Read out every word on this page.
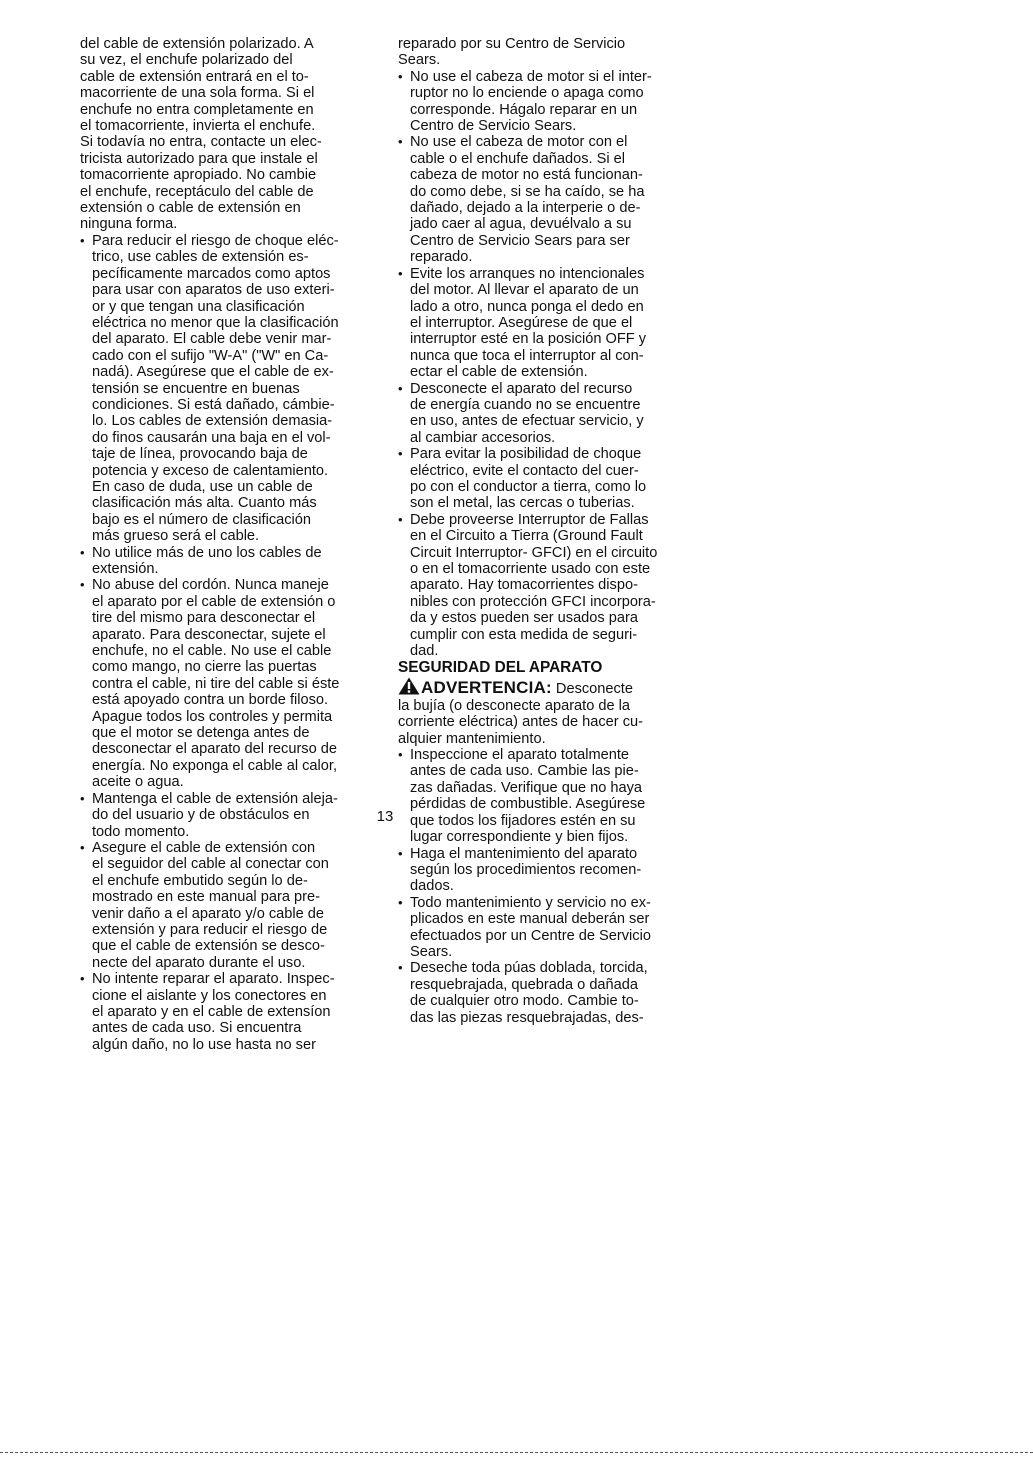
del cable de extensión polarizado. A
su vez, el enchufe polarizado del
cable de extensión entrará en el to-
macorriente de una sola forma. Si el
enchufe no entra completamente en
el tomacorriente, invierta el enchufe.
Si todavía no entra, contacte un elec-
tricista autorizado para que instale el
tomacorriente apropiado. No cambie
el enchufe, receptáculo del cable de
extensión o cable de extensión en
ninguna forma.

• Para reducir el riesgo de choque eléc-
trico, use cables de extensión es-
pecíficamente marcados como aptos
para usar con aparatos de uso exteri-
or y que tengan una clasificación
eléctrica no menor que la clasificación
del aparato. El cable debe venir mar-
cado con el sufijo "W-A" ("W" en Ca-
nadá). Asegúrese que el cable de ex-
tensión se encuentre en buenas
condiciones. Si está dañado, cámbie-
lo. Los cables de extensión demasia-
do finos causarán una baja en el vol-
taje de línea, provocando baja de
potencia y exceso de calentamiento.
En caso de duda, use un cable de
clasificación más alta. Cuanto más
bajo es el número de clasificación
más grueso será el cable.
• No utilice más de uno los cables de
extensión.
• No abuse del cordón. Nunca maneje
el aparato por el cable de extensión o
tire del mismo para desconectar el
aparato. Para desconectar, sujete el
enchufe, no el cable. No use el cable
como mango, no cierre las puertas
contra el cable, ni tire del cable si éste
está apoyado contra un borde filoso.
Apague todos los controles y permita
que el motor se detenga antes de
desconectar el aparato del recurso de
energía. No exponga el cable al calor,
aceite o agua.
• Mantenga el cable de extensión aleja-
do del usuario y de obstáculos en
todo momento.
• Asegure el cable de extensión con
el seguidor del cable al conectar con
el enchufe embutido según lo de-
mostrado en este manual para pre-
venir daño a el aparato y/o cable de
extensión y para reducir el riesgo de
que el cable de extensión se desco-
necte del aparato durante el uso.
• No intente reparar el aparato. Inspec-
cione el aislante y los conectores en
el aparato y en el cable de extensíon
antes de cada uso. Si encuentra
algún daño, no lo use hasta no ser

reparado por su Centro de Servicio
Sears.

• No use el cabeza de motor si el inter-
ruptor no lo enciende o apaga como
corresponde. Hágalo reparar en un
Centro de Servicio Sears.
• No use el cabeza de motor con el
cable o el enchufe dañados. Si el
cabeza de motor no está funcionan-
do como debe, si se ha caído, se ha
dañado, dejado a la interperie o de-
jado caer al agua, devuélvalo a su
Centro de Servicio Sears para ser
reparado.
• Evite los arranques no intencionales
del motor. Al llevar el aparato de un
lado a otro, nunca ponga el dedo en
el interruptor. Asegúrese de que el
interruptor esté en la posición OFF y
nunca que toca el interruptor al con-
ectar el cable de extensión.
• Desconecte el aparato del recurso
de energía cuando no se encuentre
en uso, antes de efectuar servicio, y
al cambiar accesorios.
• Para evitar la posibilidad de choque
eléctrico, evite el contacto del cuer-
po con el conductor a tierra, como lo
son el metal, las cercas o tuberias.
• Debe proveerse Interruptor de Fallas
en el Circuito a Tierra (Ground Fault
Circuit Interruptor- GFCI) en el circuito
o en el tomacorriente usado con este
aparato. Hay tomacorrientes dispo-
nibles con protección GFCI incorpora-
da y estos pueden ser usados para
cumplir con esta medida de seguri-
dad.
SEGURIDAD DEL APARATO

ADVERTENCIA: Desconecte
la bujía (o desconecte aparato de la
corriente eléctrica) antes de hacer cu-
alquier mantenimiento.

• Inspeccione el aparato totalmente
antes de cada uso. Cambie las pie-
zas dañadas. Verifique que no haya
pérdidas de combustible. Asegúrese
que todos los fijadores estén en su
lugar correspondiente y bien fijos.
• Haga el mantenimiento del aparato
según los procedimientos recomen-
dados.
• Todo mantenimiento y servicio no ex-
plicados en este manual deberán ser
efectuados por un Centre de Servicio
Sears.
• Deseche toda púas doblada, torcida,
resquebrajada, quebrada o dañada
de cualquier otro modo. Cambie to-
das las piezas resquebrajadas, des-
13
